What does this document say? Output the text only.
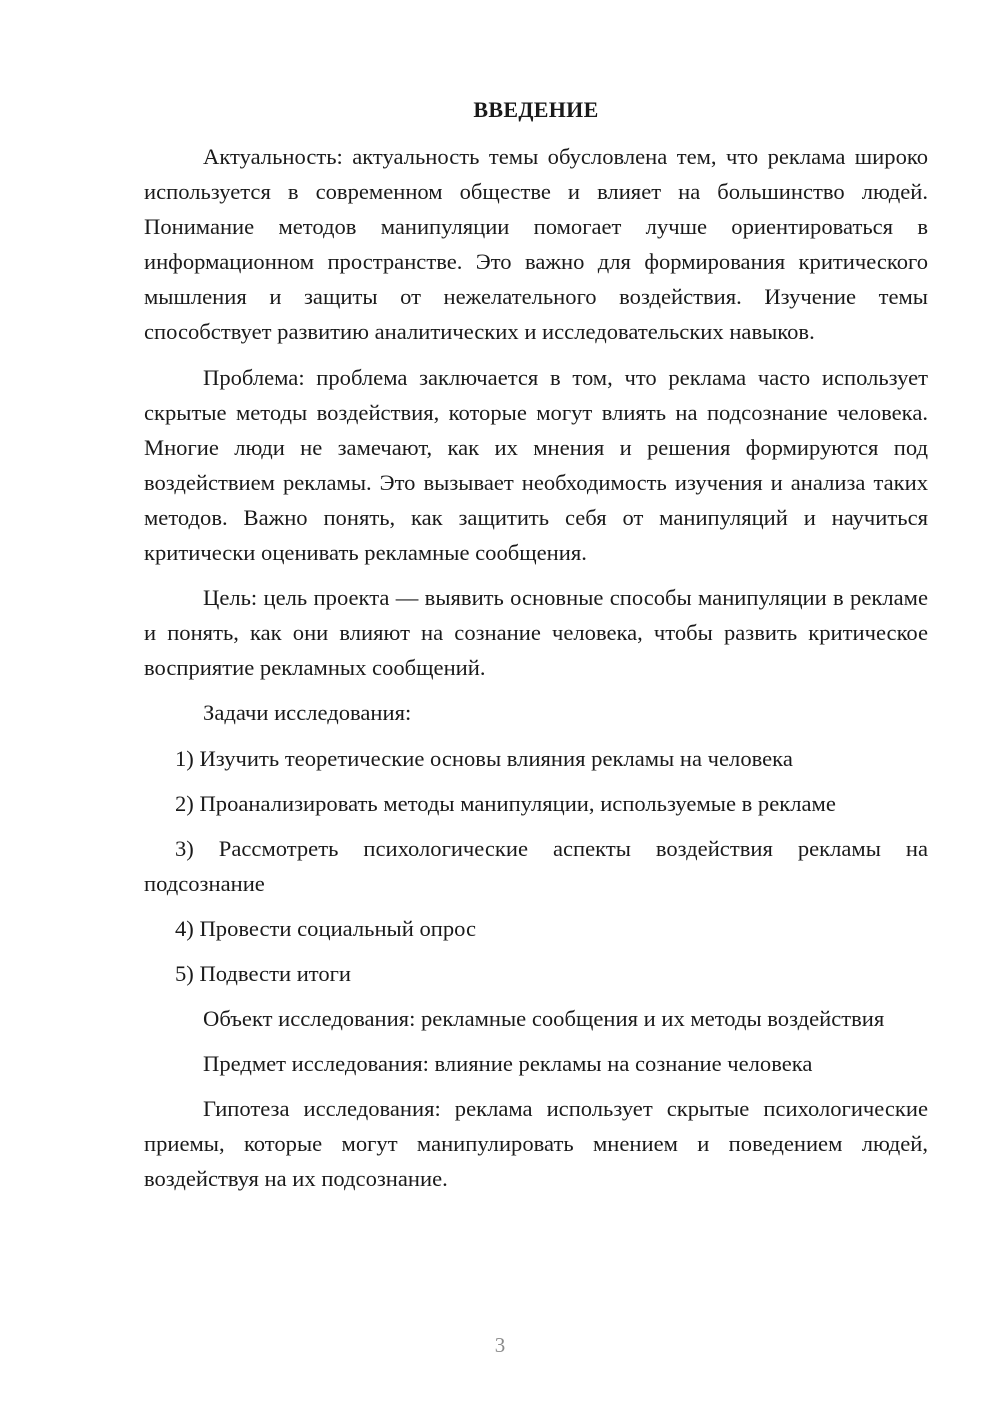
ВВЕДЕНИЕ

Актуальность: актуальность темы обусловлена тем, что реклама широко используется в современном обществе и влияет на большинство людей. Понимание методов манипуляции помогает лучше ориентироваться в информационном пространстве. Это важно для формирования критического мышления и защиты от нежелательного воздействия. Изучение темы способствует развитию аналитических и исследовательских навыков.

Проблема: проблема заключается в том, что реклама часто использует скрытые методы воздействия, которые могут влиять на подсознание человека. Многие люди не замечают, как их мнения и решения формируются под воздействием рекламы. Это вызывает необходимость изучения и анализа таких методов. Важно понять, как защитить себя от манипуляций и научиться критически оценивать рекламные сообщения.

Цель: цель проекта — выявить основные способы манипуляции в рекламе и понять, как они влияют на сознание человека, чтобы развить критическое восприятие рекламных сообщений.

Задачи исследования:

1) Изучить теоретические основы влияния рекламы на человека

2) Проанализировать методы манипуляции, используемые в рекламе

3) Рассмотреть психологические аспекты воздействия рекламы на подсознание

4) Провести социальный опрос

5) Подвести итоги

Объект исследования: рекламные сообщения и их методы воздействия

Предмет исследования: влияние рекламы на сознание человека

Гипотеза исследования: реклама использует скрытые психологические приемы, которые могут манипулировать мнением и поведением людей, воздействуя на их подсознание.

3
